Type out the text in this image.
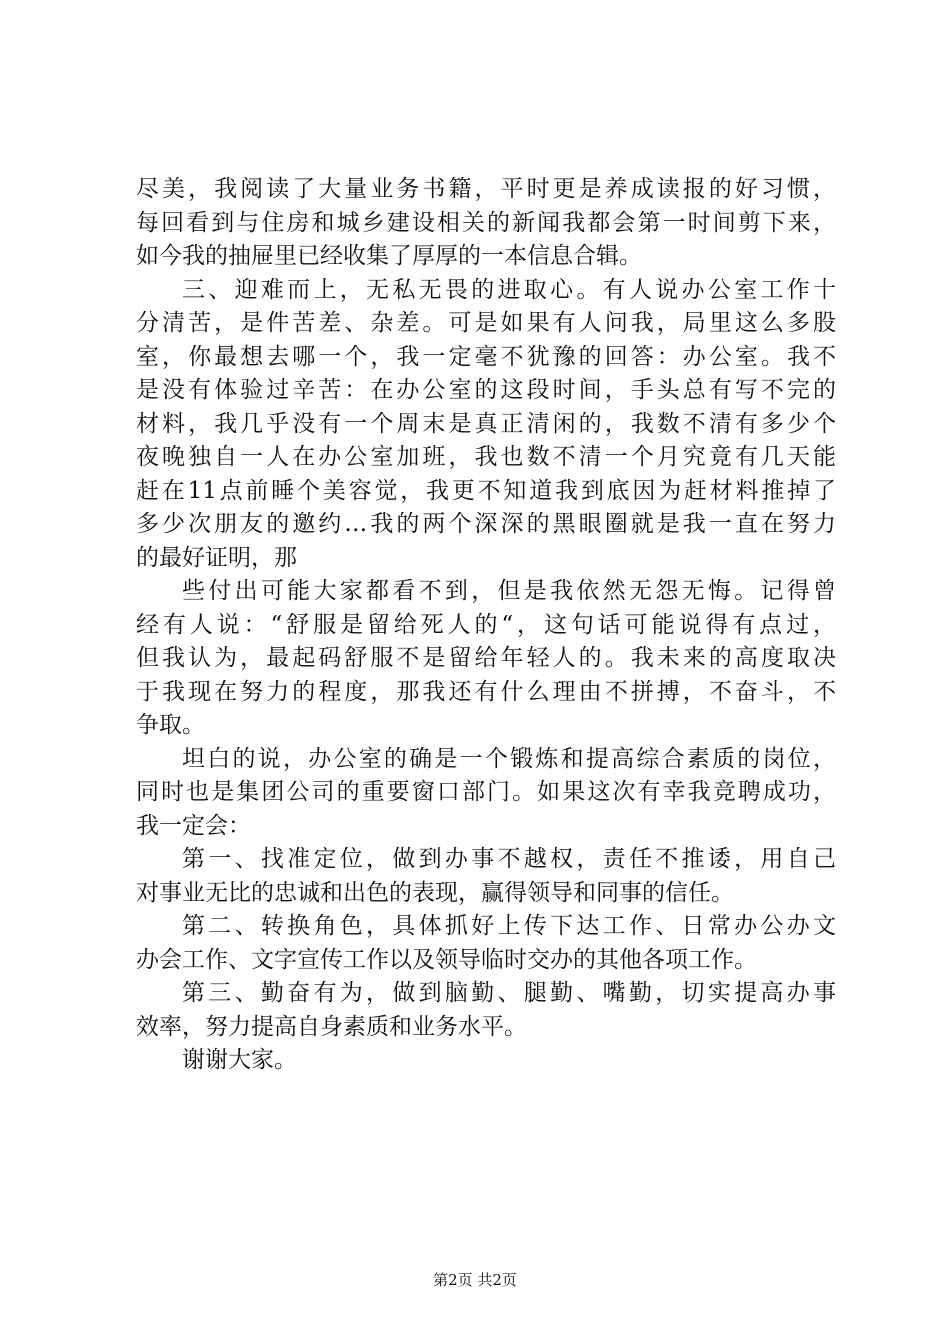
尽美，我阅读了大量业务书籍，平时更是养成读报的好习惯，
每回看到与住房和城乡建设相关的新闻我都会第一时间剪下来，
如今我的抽屉里已经收集了厚厚的一本信息合辑。
三、迎难而上，无私无畏的进取心。有人说办公室工作十
分清苦，是件苦差、杂差。可是如果有人问我，局里这么多股
室，你最想去哪一个，我一定毫不犹豫的回答：办公室。我不
是没有体验过辛苦：在办公室的这段时间，手头总有写不完的
材料，我几乎没有一个周末是真正清闲的，我数不清有多少个
夜晚独自一人在办公室加班，我也数不清一个月究竟有几天能
赶在11点前睡个美容觉，我更不知道我到底因为赶材料推掉了
多少次朋友的邀约…我的两个深深的黑眼圈就是我一直在努力
的最好证明，那
些付出可能大家都看不到，但是我依然无怨无悔。记得曾
经有人说：“舒服是留给死人的“，这句话可能说得有点过，
但我认为，最起码舒服不是留给年轻人的。我未来的高度取决
于我现在努力的程度，那我还有什么理由不拼搏，不奋斗，不
争取。
坦白的说，办公室的确是一个锻炼和提高综合素质的岗位，
同时也是集团公司的重要窗口部门。如果这次有幸我竞聘成功，
我一定会：
第一、找准定位，做到办事不越权，责任不推诿，用自己
对事业无比的忠诚和出色的表现，赢得领导和同事的信任。
第二、转换角色，具体抓好上传下达工作、日常办公办文
办会工作、文字宣传工作以及领导临时交办的其他各项工作。
第三、勤奋有为，做到脑勤、腿勤、嘴勤，切实提高办事
效率，努力提高自身素质和业务水平。
谢谢大家。
第2页 共2页
